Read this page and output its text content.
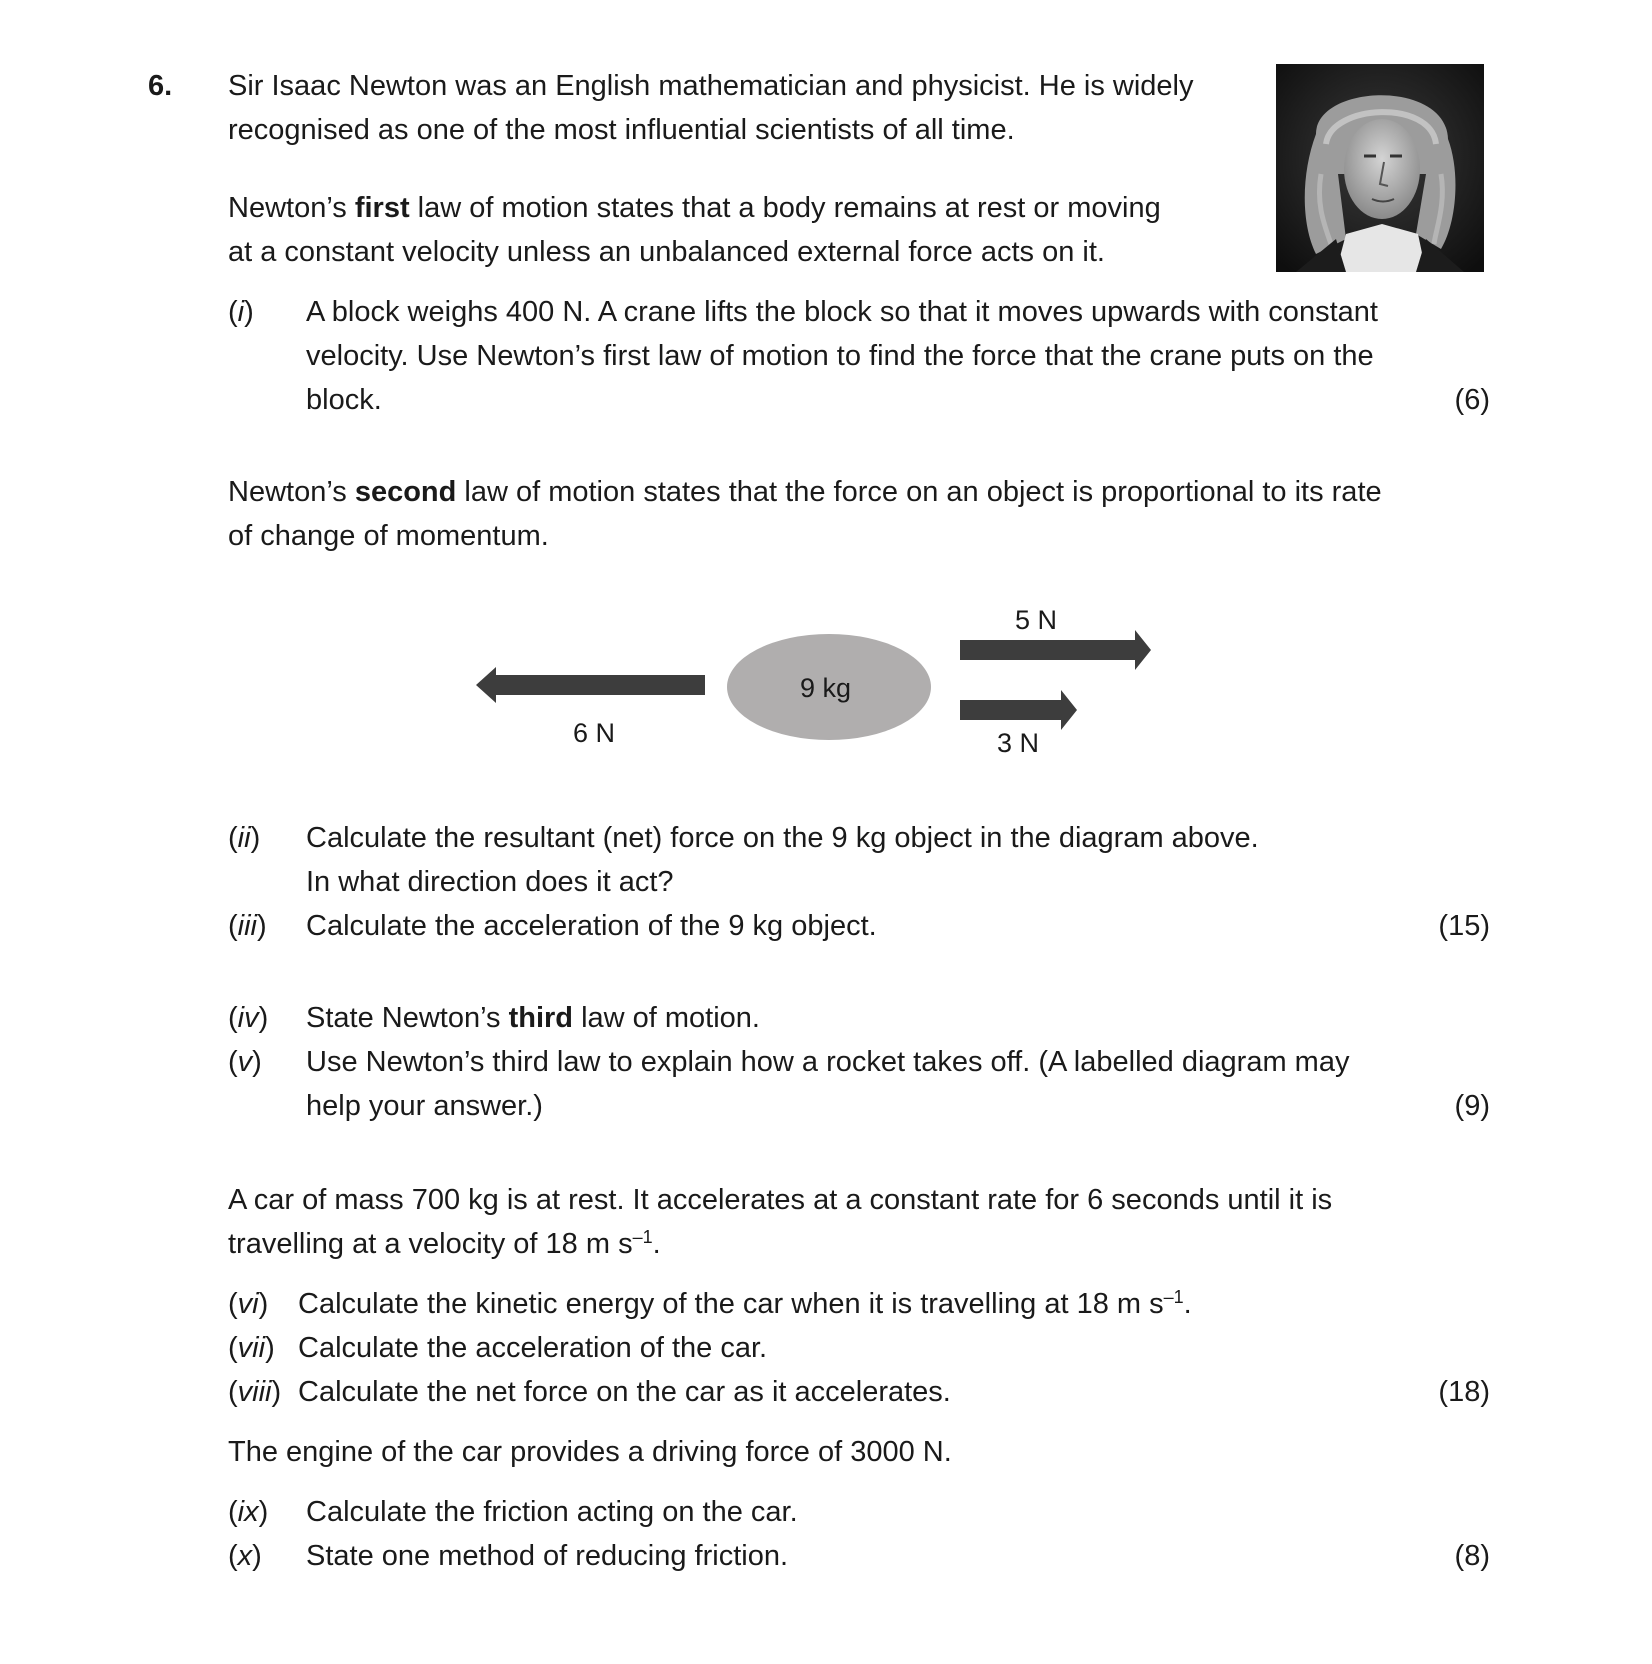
6. Sir Isaac Newton was an English mathematician and physicist. He is widely
recognised as one of the most influential scientists of all time.
Newton’s first law of motion states that a body remains at rest or moving
at a constant velocity unless an unbalanced external force acts on it.
(i) A block weighs 400 N. A crane lifts the block so that it moves upwards with constant
velocity. Use Newton’s first law of motion to find the force that the crane puts on the
block.	(6)
Newton’s second law of motion states that the force on an object is proportional to its rate
of change of momentum.
9 kg
6 N
5 N
3 N
(ii) Calculate the resultant (net) force on the 9 kg object in the diagram above.
In what direction does it act?
(iii) Calculate the acceleration of the 9 kg object.	(15)
(iv) State Newton’s third law of motion.
(v) Use Newton’s third law to explain how a rocket takes off. (A labelled diagram may
help your answer.)	(9)
A car of mass 700 kg is at rest. It accelerates at a constant rate for 6 seconds until it is
travelling at a velocity of 18 m $s^{-1}$.
(vi) Calculate the kinetic energy of the car when it is travelling at 18 m $s^{-1}$.
(vii) Calculate the acceleration of the car.
(viii) Calculate the net force on the car as it accelerates.	(18)
The engine of the car provides a driving force of 3000 N.
(ix) Calculate the friction acting on the car.
(x) State one method of reducing friction.	(8)
